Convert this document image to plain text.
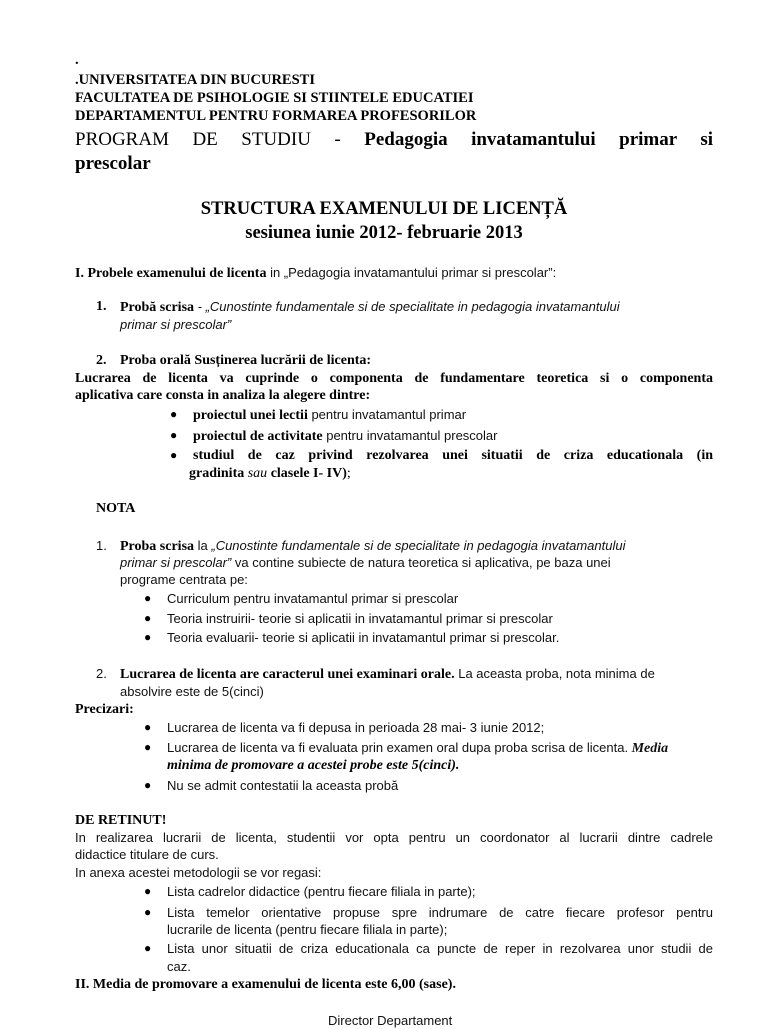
.
.UNIVERSITATEA DIN BUCURESTI
FACULTATEA DE PSIHOLOGIE SI STIINTELE EDUCATIEI
DEPARTAMENTUL PENTRU FORMAREA PROFESORILOR
PROGRAM DE STUDIU - Pedagogia invatamantului primar si
prescolar
STRUCTURA EXAMENULUI DE LICENȚĂ
sesiunea iunie 2012- februarie 2013
I. Probele examenului de licenta in „Pedagogia invatamantului primar si prescolar”:
1. Probă scrisa - „Cunostinte fundamentale si de specialitate in pedagogia invatamantului
primar si prescolar”
2. Proba orală Susținerea lucrării de licenta:
Lucrarea de licenta va cuprinde o componenta de fundamentare teoretica si o componenta
aplicativa care consta in analiza la alegere dintre:
● proiectul unei lectii pentru invatamantul primar
● proiectul de activitate pentru invatamantul prescolar
● studiul de caz privind rezolvarea unei situatii de criza educationala (in
gradinita sau clasele I- IV);
NOTA
1. Proba scrisa la „Cunostinte fundamentale si de specialitate in pedagogia invatamantului
primar si prescolar” va contine subiecte de natura teoretica si aplicativa, pe baza unei
programe centrata pe:
● Curriculum pentru invatamantul primar si prescolar
● Teoria instruirii- teorie si aplicatii in invatamantul primar si prescolar
● Teoria evaluarii- teorie si aplicatii in invatamantul primar si prescolar.
2. Lucrarea de licenta are caracterul unei examinari orale. La aceasta proba, nota minima de
absolvire este de 5(cinci)
Precizari:
● Lucrarea de licenta va fi depusa in perioada 28 mai- 3 iunie 2012;
● Lucrarea de licenta va fi evaluata prin examen oral dupa proba scrisa de licenta. Media
minima de promovare a acestei probe este 5(cinci).
● Nu se admit contestatii la aceasta probă
DE RETINUT!
In realizarea lucrarii de licenta, studentii vor opta pentru un coordonator al lucrarii dintre cadrele
didactice titulare de curs.
In anexa acestei metodologii se vor regasi:
● Lista cadrelor didactice (pentru fiecare filiala in parte);
● Lista temelor orientative propuse spre indrumare de catre fiecare profesor pentru
lucrarile de licenta (pentru fiecare filiala in parte);
● Lista unor situatii de criza educationala ca puncte de reper in rezolvarea unor studii de
caz.
II. Media de promovare a examenului de licenta este 6,00 (sase).
Director Departament
